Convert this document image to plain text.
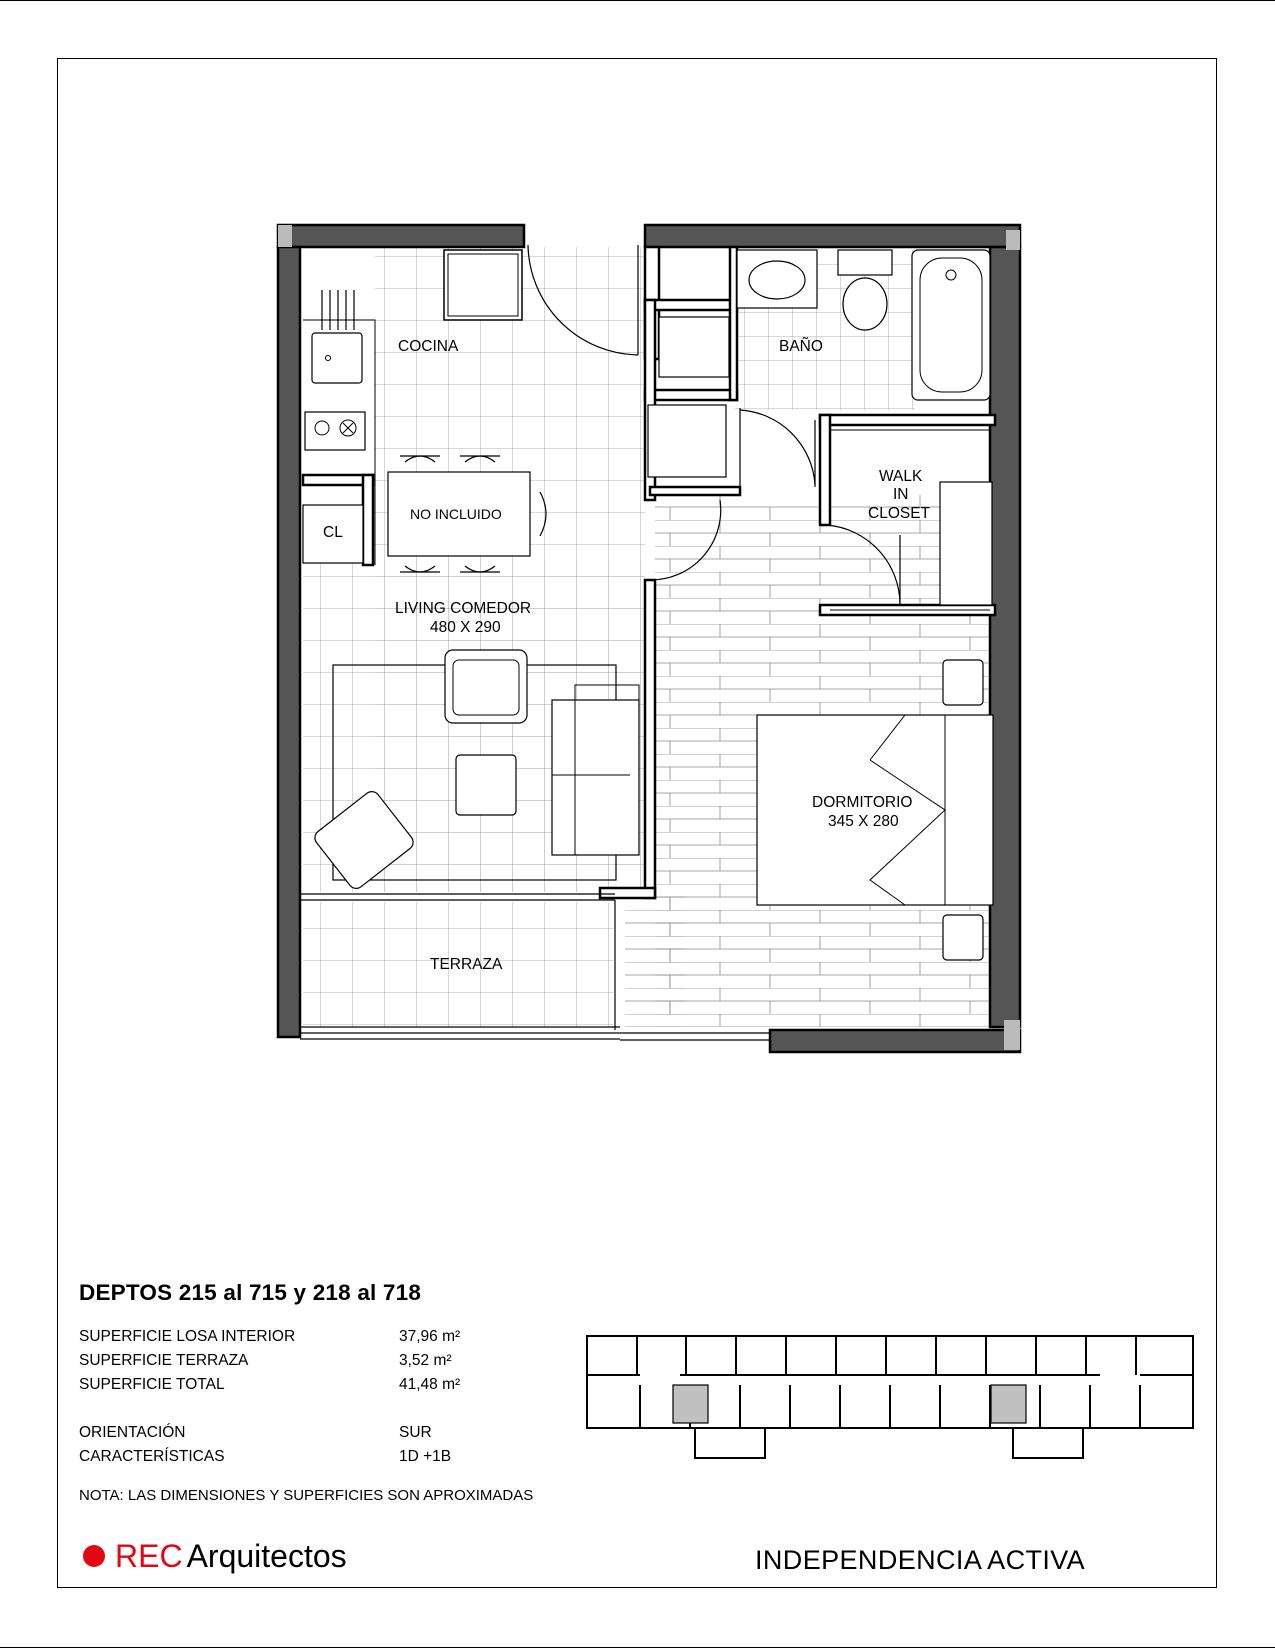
COCINA	BAÑO
WALK
IN
CLOSET
CL
NO INCLUIDO
LIVING COMEDOR
480 X 290
DORMITORIO
345 X 280
TERRAZA
DEPTOS 215 al 715 y 218 al 718
SUPERFICIE LOSA INTERIOR	37,96 m²
SUPERFICIE TERRAZA	3,52 m²
SUPERFICIE TOTAL	41,48 m²
ORIENTACIÓN	SUR
CARACTERÍSTICAS	1D +1B
NOTA: LAS DIMENSIONES Y SUPERFICIES SON APROXIMADAS
REC Arquitectos	INDEPENDENCIA ACTIVA
